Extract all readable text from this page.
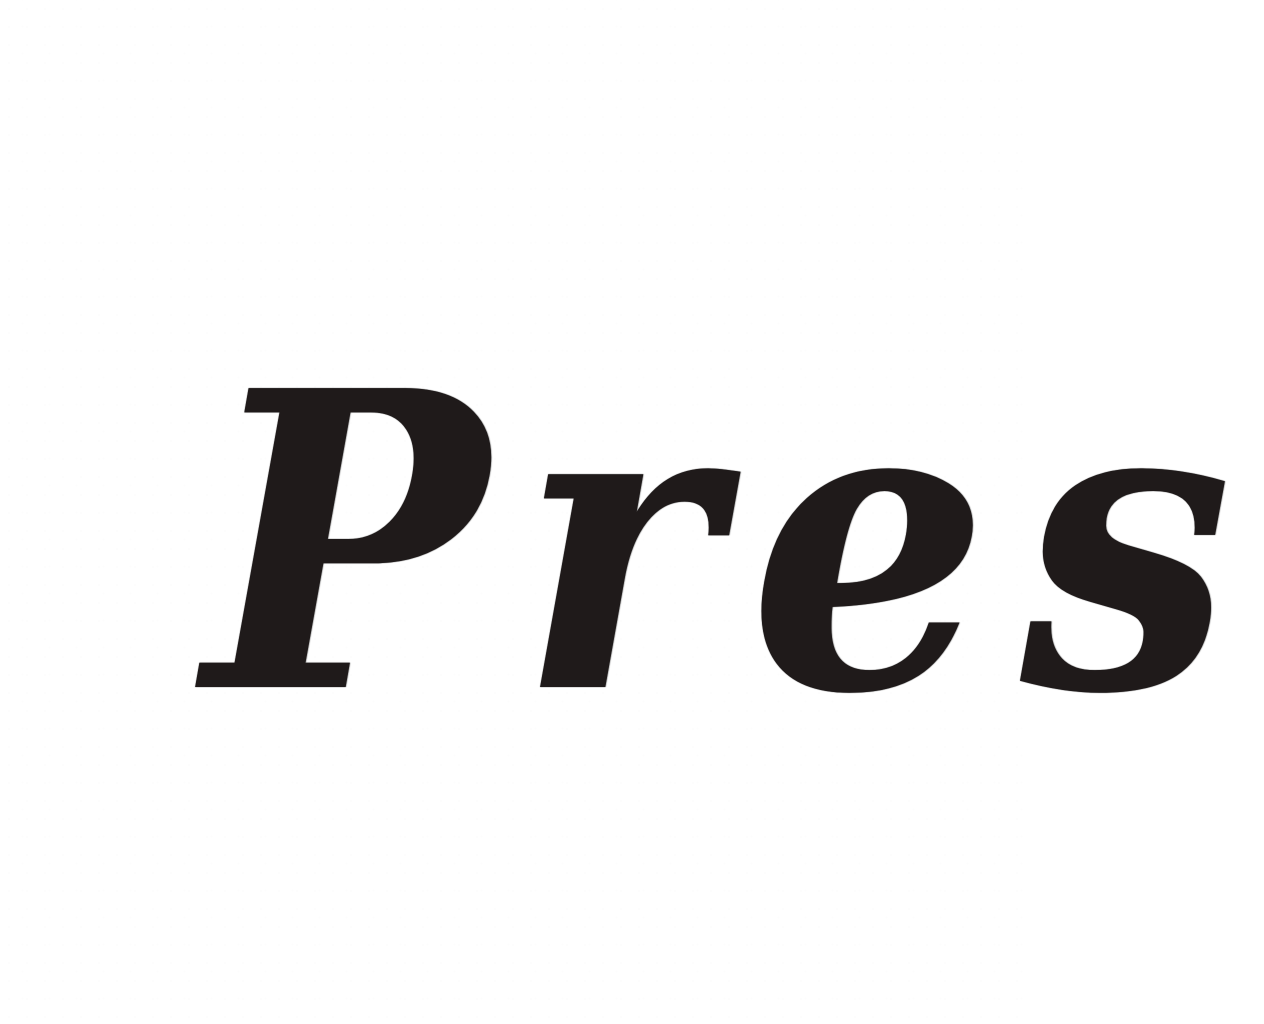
Pres
